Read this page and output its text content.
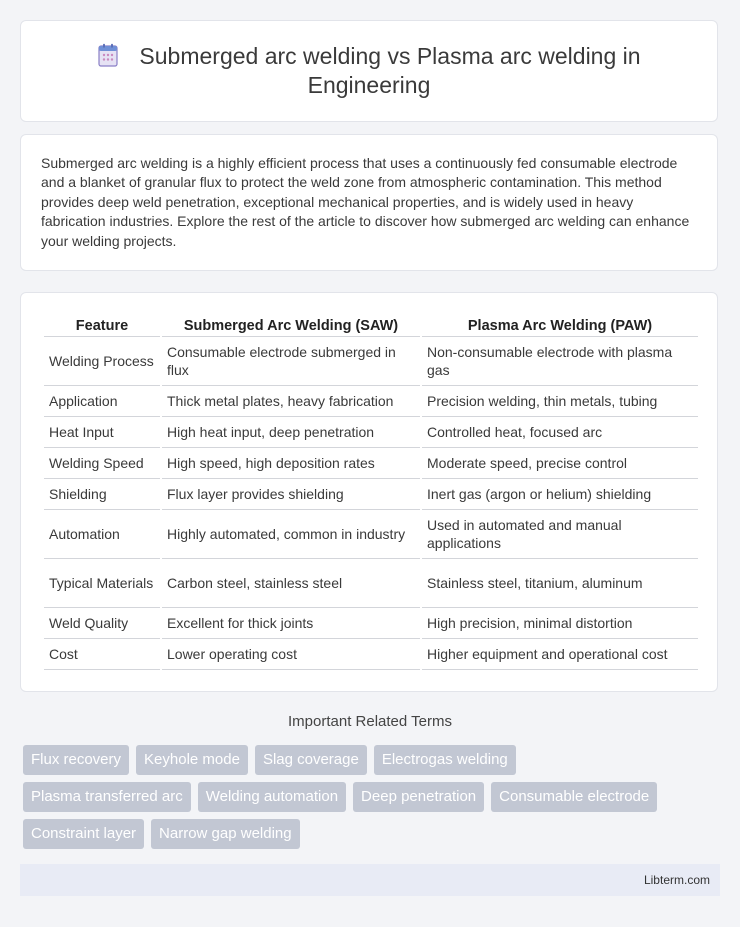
Submerged arc welding vs Plasma arc welding in Engineering

Submerged arc welding is a highly efficient process that uses a continuously fed consumable electrode and a blanket of granular flux to protect the weld zone from atmospheric contamination. This method provides deep weld penetration, exceptional mechanical properties, and is widely used in heavy fabrication industries. Explore the rest of the article to discover how submerged arc welding can enhance your welding projects.

Feature	Submerged Arc Welding (SAW)	Plasma Arc Welding (PAW)
Welding Process	Consumable electrode submerged in flux	Non-consumable electrode with plasma gas
Application	Thick metal plates, heavy fabrication	Precision welding, thin metals, tubing
Heat Input	High heat input, deep penetration	Controlled heat, focused arc
Welding Speed	High speed, high deposition rates	Moderate speed, precise control
Shielding	Flux layer provides shielding	Inert gas (argon or helium) shielding
Automation	Highly automated, common in industry	Used in automated and manual applications
Typical Materials	Carbon steel, stainless steel	Stainless steel, titanium, aluminum
Weld Quality	Excellent for thick joints	High precision, minimal distortion
Cost	Lower operating cost	Higher equipment and operational cost
Important Related Terms
Flux recovery	Keyhole mode	Slag coverage	Electrogas welding
Plasma transferred arc	Welding automation	Deep penetration	Consumable electrode
Constraint layer	Narrow gap welding
Libterm.com
